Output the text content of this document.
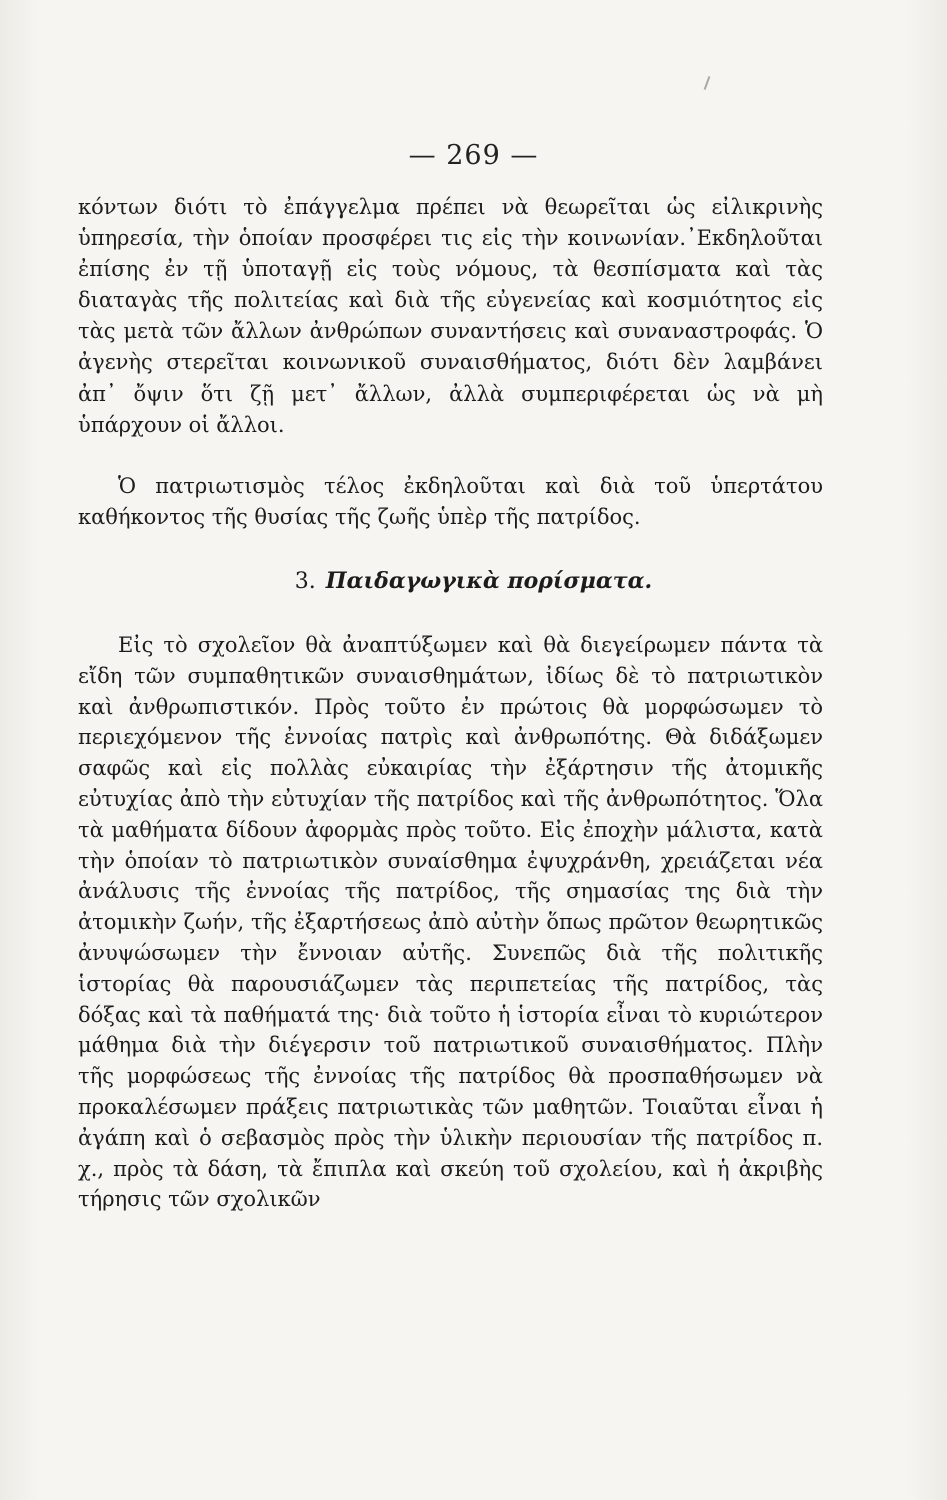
— 269 —

κόντων διότι τὸ ἐπάγγελμα πρέπει νὰ θεωρεῖται ὡς εἰλικρινὴς ὑπηρεσία, τὴν ὁποίαν προσφέρει τις εἰς τὴν κοινωνίαν.᾽Εκδηλοῦται ἐπίσης ἐν τῇ ὑποταγῇ εἰς τοὺς νόμους, τὰ θεσπίσματα καὶ τὰς διαταγὰς τῆς πολιτείας καὶ διὰ τῆς εὐγενείας καὶ κοσμιότητος εἰς τὰς μετὰ τῶν ἄλλων ἀνθρώπων συναντήσεις καὶ συναναστροφάς. Ὁ ἀγενὴς στερεῖται κοινωνικοῦ συναισθήματος, διότι δὲν λαμβάνει ἀπ᾽ ὄψιν ὅτι ζῇ μετ᾽ ἄλλων, ἀλλὰ συμπεριφέρεται ὡς νὰ μὴ ὑπάρχουν οἱ ἄλλοι.

Ὁ πατριωτισμὸς τέλος ἐκδηλοῦται καὶ διὰ τοῦ ὑπερτάτου καθήκοντος τῆς θυσίας τῆς ζωῆς ὑπὲρ τῆς πατρίδος.

3. Παιδαγωγικὰ πορίσματα.

Εἰς τὸ σχολεῖον θὰ ἀναπτύξωμεν καὶ θὰ διεγείρωμεν πάντα τὰ εἴδη τῶν συμπαθητικῶν συναισθημάτων, ἰδίως δὲ τὸ πατριωτικὸν καὶ ἀνθρωπιστικόν. Πρὸς τοῦτο ἐν πρώτοις θὰ μορφώσωμεν τὸ περιεχόμενον τῆς ἐννοίας πατρὶς καὶ ἀνθρωπότης. Θὰ διδάξωμεν σαφῶς καὶ εἰς πολλὰς εὐκαιρίας τὴν ἐξάρτησιν τῆς ἀτομικῆς εὐτυχίας ἀπὸ τὴν εὐτυχίαν τῆς πατρίδος καὶ τῆς ἀνθρωπότητος. Ὅλα τὰ μαθήματα δίδουν ἀφορμὰς πρὸς τοῦτο. Εἰς ἐποχὴν μάλιστα, κατὰ τὴν ὁποίαν τὸ πατριωτικὸν συναίσθημα ἐψυχράνθη, χρειάζεται νέα ἀνάλυσις τῆς ἐννοίας τῆς πατρίδος, τῆς σημασίας της διὰ τὴν ἀτομικὴν ζωήν, τῆς ἐξαρτήσεως ἀπὸ αὐτὴν ὅπως πρῶτον θεωρητικῶς ἀνυψώσωμεν τὴν ἔννοιαν αὐτῆς. Συνεπῶς διὰ τῆς πολιτικῆς ἱστορίας θὰ παρουσιάζωμεν τὰς περιπετείας τῆς πατρίδος, τὰς δόξας καὶ τὰ παθήματά της· διὰ τοῦτο ἡ ἱστορία εἶναι τὸ κυριώτερον μάθημα διὰ τὴν διέγερσιν τοῦ πατριωτικοῦ συναισθήματος. Πλὴν τῆς μορφώσεως τῆς ἐννοίας τῆς πατρίδος θὰ προσπαθήσωμεν νὰ προκαλέσωμεν πράξεις πατριωτικὰς τῶν μαθητῶν. Τοιαῦται εἶναι ἡ ἀγάπη καὶ ὁ σεβασμὸς πρὸς τὴν ὑλικὴν περιουσίαν τῆς πατρίδος π. χ., πρὸς τὰ δάση, τὰ ἔπιπλα καὶ σκεύη τοῦ σχολείου, καὶ ἡ ἀκριβὴς τήρησις τῶν σχολικῶν
